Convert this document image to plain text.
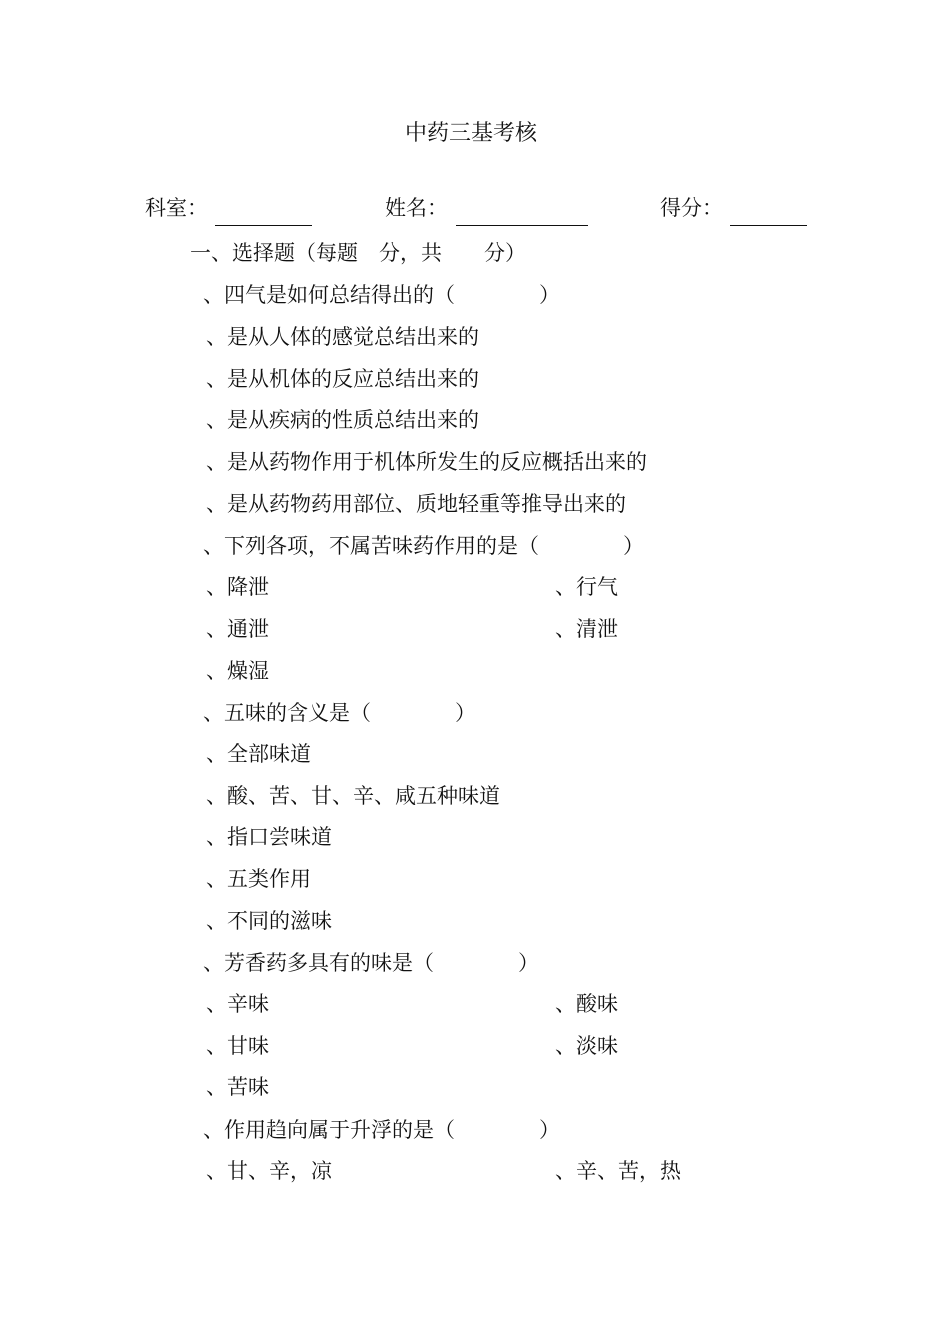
中药三基考核
科室：	姓名：	得分：
一、选择题（每题　分，共　　分）
、四气是如何总结得出的（　　　　）
、是从人体的感觉总结出来的
、是从机体的反应总结出来的
、是从疾病的性质总结出来的
、是从药物作用于机体所发生的反应概括出来的
、是从药物药用部位、质地轻重等推导出来的
、下列各项，不属苦味药作用的是（　　　　）
、降泄	、行气
、通泄	、清泄
、燥湿
、五味的含义是（　　　　）
、全部味道
、酸、苦、甘、辛、咸五种味道
、指口尝味道
、五类作用
、不同的滋味
、芳香药多具有的味是（　　　　）
、辛味	、酸味
、甘味	、淡味
、苦味
、作用趋向属于升浮的是（　　　　）
、甘、辛，凉	、辛、苦，热
